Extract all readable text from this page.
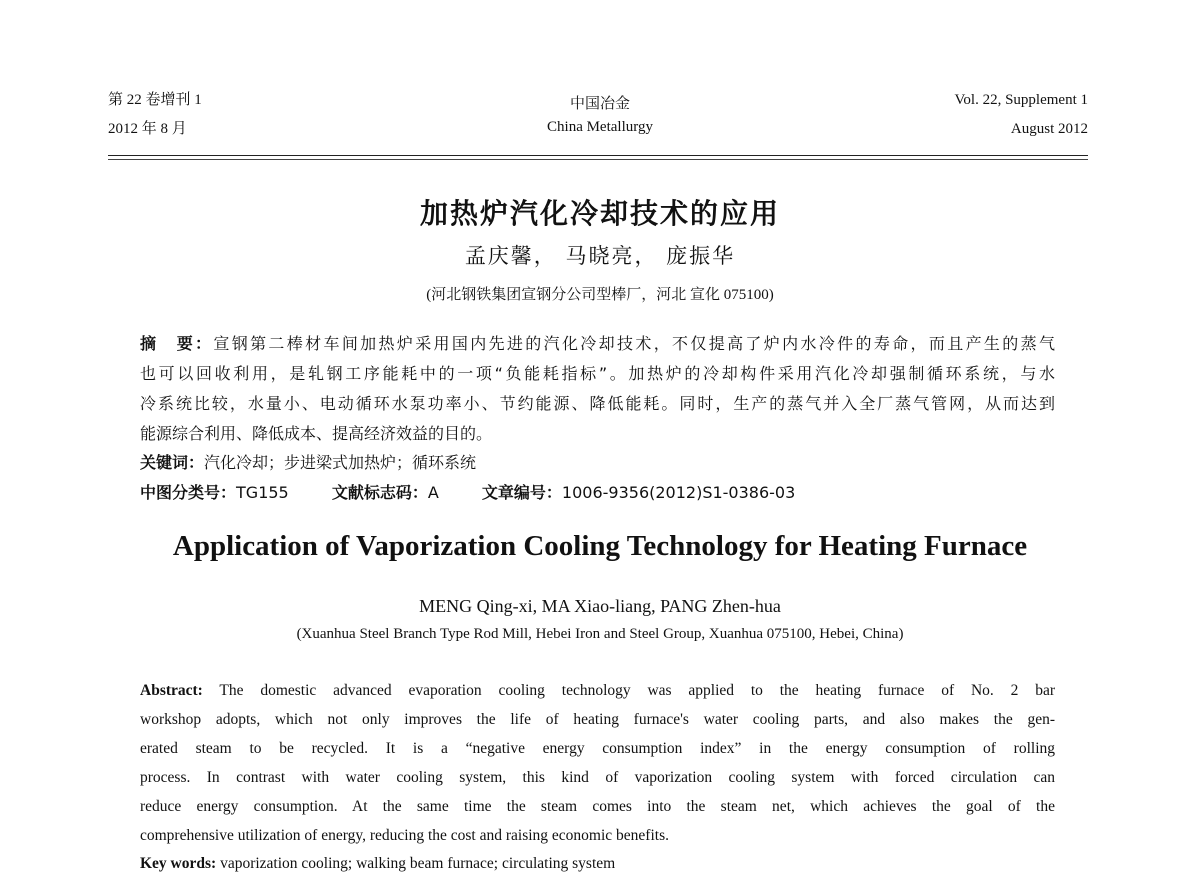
第 22 卷增刊 1
2012 年 8 月
中国冶金
China Metallurgy
Vol. 22, Supplement 1
August 2012
加热炉汽化冷却技术的应用
孟庆馨， 马晓亮， 庞振华
(河北钢铁集团宣钢分公司型棒厂，河北 宣化 075100)
摘　要：宣钢第二棒材车间加热炉采用国内先进的汽化冷却技术，不仅提高了炉内水冷件的寿命，而且产生的蒸气
也可以回收利用，是轧钢工序能耗中的一项“负能耗指标”。加热炉的冷却构件采用汽化冷却强制循环系统，与水
冷系统比较，水量小、电动循环水泵功率小、节约能源、降低能耗。同时，生产的蒸气并入全厂蒸气管网，从而达到
能源综合利用、降低成本、提高经济效益的目的。
关键词：汽化冷却；步进梁式加热炉；循环系统
中图分类号：TG155	文献标志码：A	文章编号：1006-9356(2012)S1-0386-03
Application of Vaporization Cooling Technology for Heating Furnace
MENG Qing-xi, MA Xiao-liang, PANG Zhen-hua
(Xuanhua Steel Branch Type Rod Mill, Hebei Iron and Steel Group, Xuanhua 075100, Hebei, China)
Abstract: The domestic advanced evaporation cooling technology was applied to the heating furnace of No. 2 bar
workshop adopts, which not only improves the life of heating furnace's water cooling parts, and also makes the gen-
erated steam to be recycled. It is a “negative energy consumption index” in the energy consumption of rolling
process. In contrast with water cooling system, this kind of vaporization cooling system with forced circulation can
reduce energy consumption. At the same time the steam comes into the steam net, which achieves the goal of the
comprehensive utilization of energy, reducing the cost and raising economic benefits.
Key words: vaporization cooling; walking beam furnace; circulating system
